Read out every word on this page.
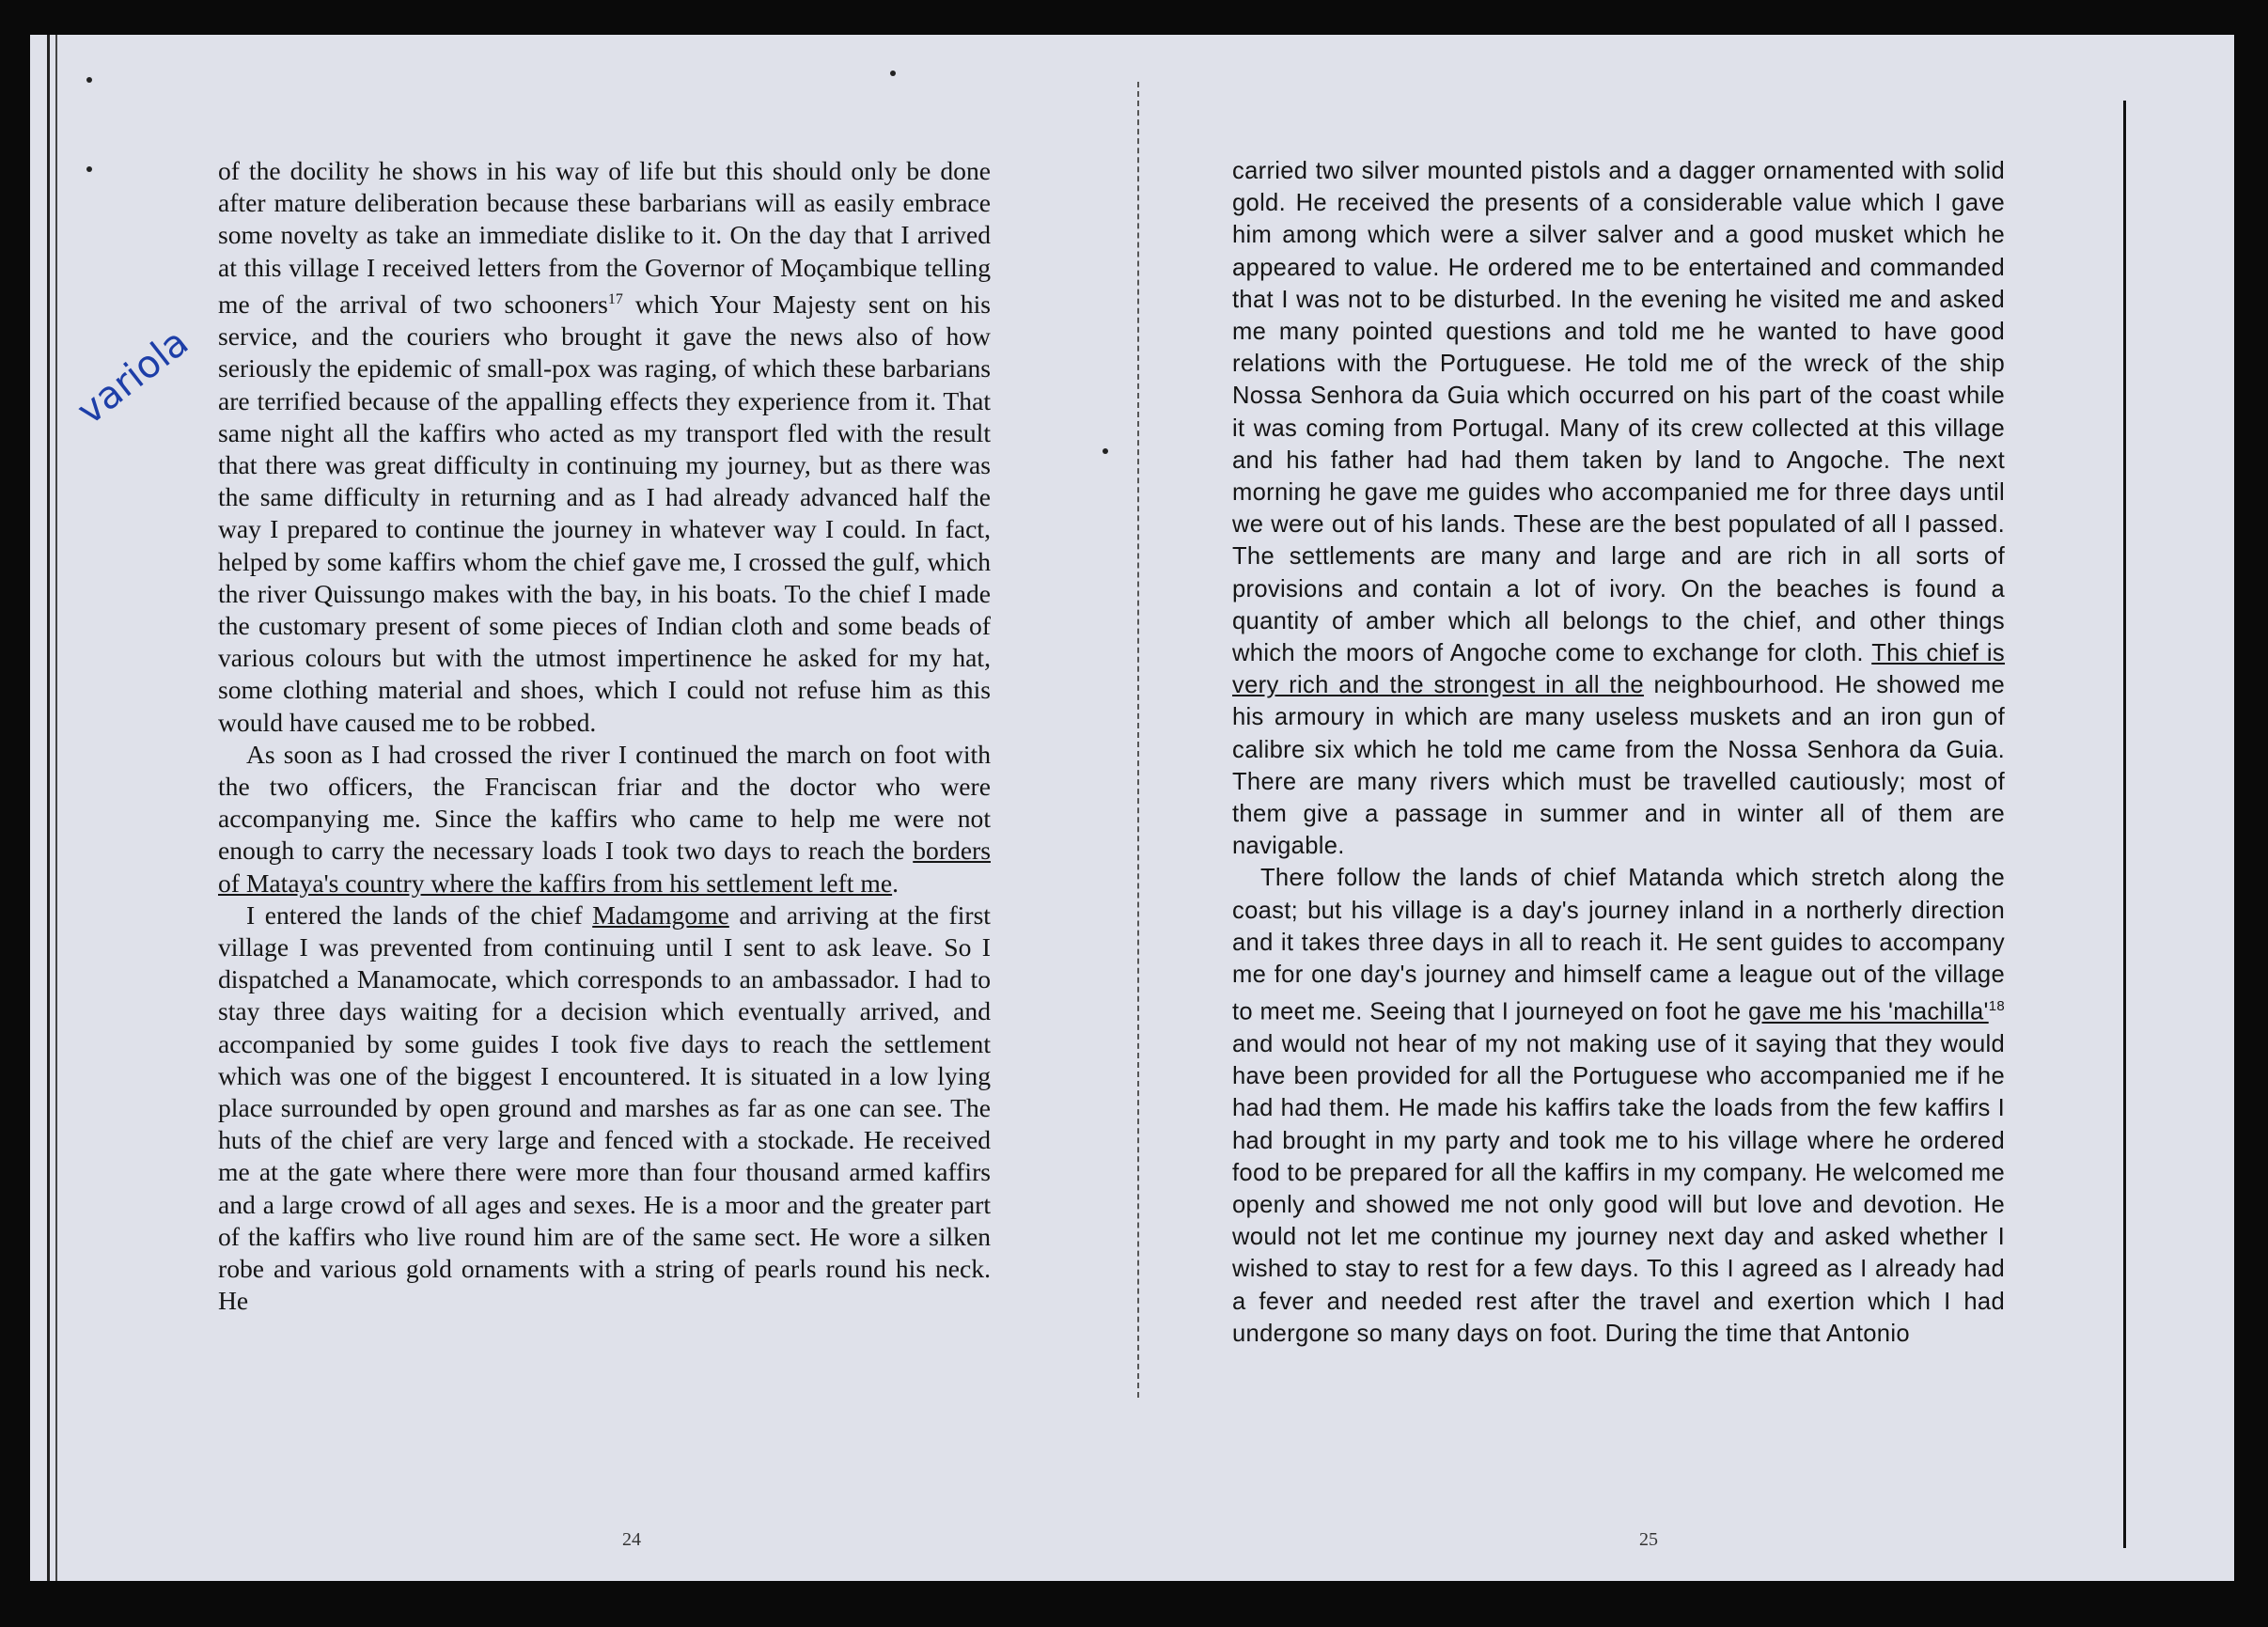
variola

of the docility he shows in his way of life but this should only be done after mature deliberation because these barbarians will as easily embrace some novelty as take an immediate dislike to it. On the day that I arrived at this village I received letters from the Governor of Moçambique telling me of the arrival of two schooners$^{17}$ which Your Majesty sent on his service, and the couriers who brought it gave the news also of how seriously the epidemic of small-pox was raging, of which these barbarians are terrified because of the appalling effects they experience from it. That same night all the kaffirs who acted as my transport fled with the result that there was great difficulty in continuing my journey, but as there was the same difficulty in returning and as I had already advanced half the way I prepared to continue the journey in whatever way I could. In fact, helped by some kaffirs whom the chief gave me, I crossed the gulf, which the river Quissungo makes with the bay, in his boats. To the chief I made the customary present of some pieces of Indian cloth and some beads of various colours but with the utmost impertinence he asked for my hat, some clothing material and shoes, which I could not refuse him as this would have caused me to be robbed.

As soon as I had crossed the river I continued the march on foot with the two officers, the Franciscan friar and the doctor who were accompanying me. Since the kaffirs who came to help me were not enough to carry the necessary loads I took two days to reach the borders of Mataya's country where the kaffirs from his settlement left me.

I entered the lands of the chief Madamgome and arriving at the first village I was prevented from continuing until I sent to ask leave. So I dispatched a Manamocate, which corresponds to an ambassador. I had to stay three days waiting for a decision which eventually arrived, and accompanied by some guides I took five days to reach the settlement which was one of the biggest I encountered. It is situated in a low lying place surrounded by open ground and marshes as far as one can see. The huts of the chief are very large and fenced with a stockade. He received me at the gate where there were more than four thousand armed kaffirs and a large crowd of all ages and sexes. He is a moor and the greater part of the kaffirs who live round him are of the same sect. He wore a silken robe and various gold ornaments with a string of pearls round his neck. He

carried two silver mounted pistols and a dagger ornamented with solid gold. He received the presents of a considerable value which I gave him among which were a silver salver and a good musket which he appeared to value. He ordered me to be entertained and commanded that I was not to be disturbed. In the evening he visited me and asked me many pointed questions and told me he wanted to have good relations with the Portuguese. He told me of the wreck of the ship Nossa Senhora da Guia which occurred on his part of the coast while it was coming from Portugal. Many of its crew collected at this village and his father had had them taken by land to Angoche. The next morning he gave me guides who accompanied me for three days until we were out of his lands. These are the best populated of all I passed. The settlements are many and large and are rich in all sorts of provisions and contain a lot of ivory. On the beaches is found a quantity of amber which all belongs to the chief, and other things which the moors of Angoche come to exchange for cloth. This chief is very rich and the strongest in all the neighbourhood. He showed me his armoury in which are many useless muskets and an iron gun of calibre six which he told me came from the Nossa Senhora da Guia. There are many rivers which must be travelled cautiously; most of them give a passage in summer and in winter all of them are navigable.

There follow the lands of chief Matanda which stretch along the coast; but his village is a day's journey inland in a northerly direction and it takes three days in all to reach it. He sent guides to accompany me for one day's journey and himself came a league out of the village to meet me. Seeing that I journeyed on foot he gave me his '$machilla'^{18}$ and would not hear of my not making use of it saying that they would have been provided for all the Portuguese who accompanied me if he had had them. He made his kaffirs take the loads from the few kaffirs I had brought in my party and took me to his village where he ordered food to be prepared for all the kaffirs in my company. He welcomed me openly and showed me not only good will but love and devotion. He would not let me continue my journey next day and asked whether I wished to stay to rest for a few days. To this I agreed as I already had a fever and needed rest after the travel and exertion which I had undergone so many days on foot. During the time that Antonio

24	25
